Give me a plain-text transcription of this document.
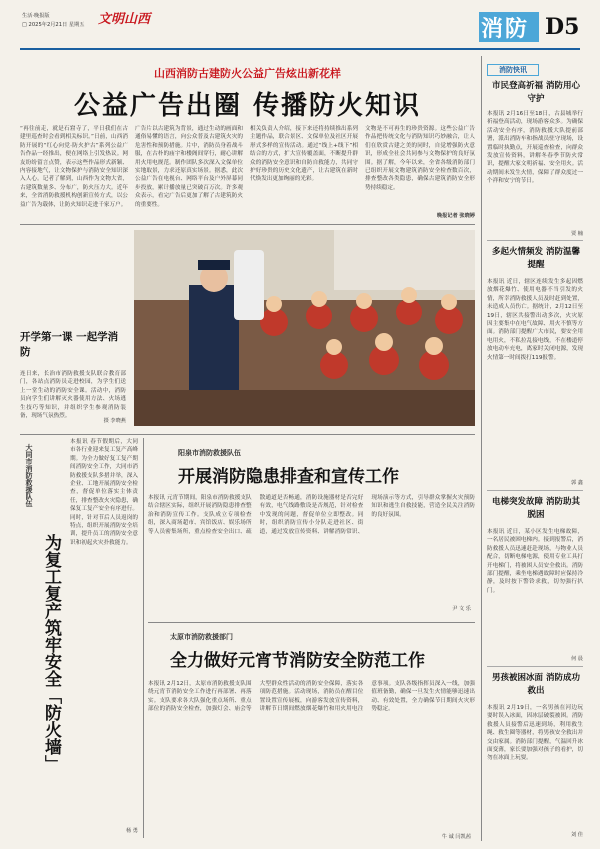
生活·晚报版
□ 2025年2月21日 星期五 文明山西	消防 D5
山西消防古建防火公益广告炫出新花样
公益广告出圈 传播防火知识
“再往前走，就是石窟寺了，平日我们在古建里巡查时会看到相关标识。”日前，山西消防开展的“红心向党·防火护古”系列公益广告作品一经推出，便在网络上引发热议。网友纷纷留言点赞，表示这些作品形式新颖、内容接地气，让文物保护与消防安全知识深入人心。记者了解到，山西作为文物大省，古建筑数量多、分布广，防火压力大。近年来，全省消防救援机构创新宣传方式，以公益广告为载体，让防火知识走进千家万户。
广告片以古建筑为背景，通过生动的画面和通俗易懂的语言，向公众普及古建筑火灾的危害性和预防措施。片中，消防员身着战斗服，在古朴的庙宇和楼阁间穿行，耐心讲解用火用电规范。制作团队多次深入文保单位实地取景，力求还原真实场景。据悉，此次公益广告在电视台、网络平台及户外屏幕同步投放，累计播放量已突破百万次。许多观众表示，看完广告后更加了解了古建筑防火的重要性。
相关负责人介绍，接下来还将持续推出系列主题作品，联合景区、文保单位及社区开展形式多样的宣传活动。通过“线上+线下”相结合的方式，扩大宣传覆盖面，不断提升群众的消防安全意识和自防自救能力，共同守护好珍贵的历史文化遗产，让古建筑在新时代焕发出更加绚丽的光彩。
文物是不可再生的珍贵资源。这些公益广告作品把传统文化与消防知识巧妙融合，让人们在欣赏古建之美的同时，自觉增强防火意识，形成全社会共同参与文物保护的良好氛围。据了解，今年以来，全省各级消防部门已组织开展文物建筑消防安全检查数百次，排查整改各类隐患，确保古建筑消防安全形势持续稳定。
晚报记者 张晓婷
消防快讯
市民登高祈福 消防用心守护
本报讯 2月16日至18日，古县城举行祈福登高活动，现场游客众多。为确保活动安全有序，消防救援大队提前部署，派出消防车和指战员驻守现场，设置临时执勤点，开展巡查检查，向群众发放宣传资料，讲解冬春季节防火常识，提醒大家文明祈福、安全用火。活动期间未发生火情，保障了群众度过一个祥和安宁的节日。
贾 楠
多起火情频发 消防温馨提醒
本报讯 近日，辖区连续发生多起因燃放烟花爆竹、使用电器不当引发的火情，所幸消防救援人员及时赶到处置，未造成人员伤亡。据统计，2月12日至19日，辖区共接警出动多次，火灾原因主要集中在电气故障、用火不慎等方面。消防部门提醒广大市民，要安全用电用火，不私拉乱接电线，不在楼道停放电动车充电，离家时关闭电源，发现火情第一时间拨打119报警。
郭 鑫
电梯突发故障 消防助其脱困
本报讯 近日，某小区发生电梯故障，一名居民被困电梯内。接到报警后，消防救援人员迅速赶赴现场，与物业人员配合，切断电梯电源，使用专业工具打开电梯门，将被困人员安全救出。消防部门提醒，乘坐电梯遇故障时应保持冷静，及时按下警铃求救，切勿强行扒门。
何 晨
男孩被困冰面 消防成功救出
本报讯 2月19日，一名男孩在河边玩耍时误入冰面，因冰层破裂被困。消防救援人员接警后迅速到场，利用救生绳、救生圈等器材，将男孩安全救出并交由家属。消防部门提醒，气温回升冰面变薄，家长要加强对孩子的看护，切勿在冰面上玩耍。
刘 佳
开学第一课 一起学消防
连日来，长治市消防救援支队联合教育部门，各站点消防员走进校园，为学生们送上一堂生动的消防安全课。活动中，消防员向学生们讲解灭火器使用方法、火场逃生技巧等知识，并组织学生参观消防装备，现场气氛热烈。
摄 李晓燕
大同市消防救援队伍
为复工复产筑牢安全「防火墙」
本报讯 春节假期后，大同市各行业迎来复工复产高峰期。为全力做好复工复产期间消防安全工作，大同市消防救援支队多措并举，深入企业、工地开展消防安全检查，督促单位落实主体责任，排查整改火灾隐患，确保复工复产安全有序进行。同时，针对节后人员返岗的特点，组织开展消防安全培训，提升员工的消防安全意识和初起火灾扑救能力。
杨 勇
阳泉市消防救援队伍
开展消防隐患排查和宣传工作
本报讯 元宵节期间，阳泉市消防救援支队结合辖区实际，组织开展消防隐患排查整治和消防宣传工作。支队成立专项检查组，深入商场超市、宾馆饭店、娱乐场所等人员密集场所，重点检查安全出口、疏散通道是否畅通，消防设施器材是否完好有效，电气线路敷设是否规范，针对检查中发现的问题，督促单位立即整改。同时，组织消防宣传小分队走进社区、街道，通过发放宣传资料、讲解消防常识、现场演示等方式，引导群众掌握火灾预防知识和逃生自救技能，营造全民关注消防的良好氛围。
尹 文 乐
太原市消防救援部门
全力做好元宵节消防安全防范工作
本报讯 2月12日，太原市消防救援支队围绕元宵节消防安全工作进行再部署、再落实。支队要求各大队强化重点场所、重点部位的消防安全检查，加强灯会、庙会等大型群众性活动的消防安全保障，落实各项防范措施。活动现场，消防员在醒目位置设置宣传展板，向游客发放宣传资料，讲解节日期间燃放烟花爆竹和用火用电注意事项。支队各级指挥员深入一线，加强值班备勤，确保一旦发生火情能够迅速出动、有效处置，全力确保节日期间火灾形势稳定。
牛 诚 闫凯茜
